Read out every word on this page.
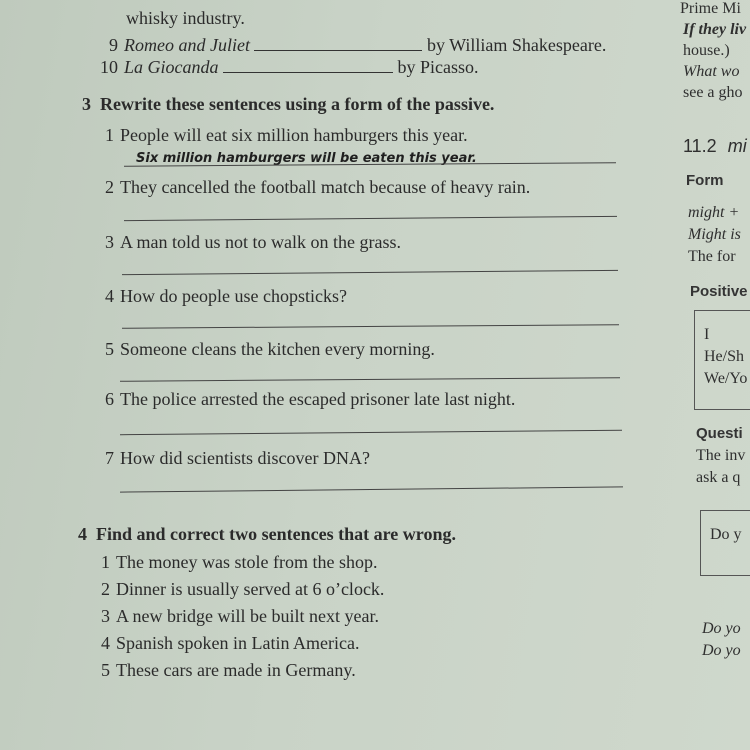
whisky industry.
9 Romeo and Juliet	by William Shakespeare.
10 La Giocanda	by Picasso.
3 Rewrite these sentences using a form of the passive.
1 People will eat six million hamburgers this year.
Six million hamburgers will be eaten this year.
2 They cancelled the football match because of heavy rain.
3 A man told us not to walk on the grass.
4 How do people use chopsticks?
5 Someone cleans the kitchen every morning.
6 The police arrested the escaped prisoner late last night.
7 How did scientists discover DNA?
4 Find and correct two sentences that are wrong.
1 The money was stole from the shop.
2 Dinner is usually served at 6 o’clock.
3 A new bridge will be built next year.
4 Spanish spoken in Latin America.
5 These cars are made in Germany.
Prime Mi
If they liv
house.)
What wo
see a gho
11.2 mi
Form
might +
Might is
The for
Positive
I
He/Sh
We/Yo
Questi
The inv
ask a q
Do y
Do yo
Do yo
